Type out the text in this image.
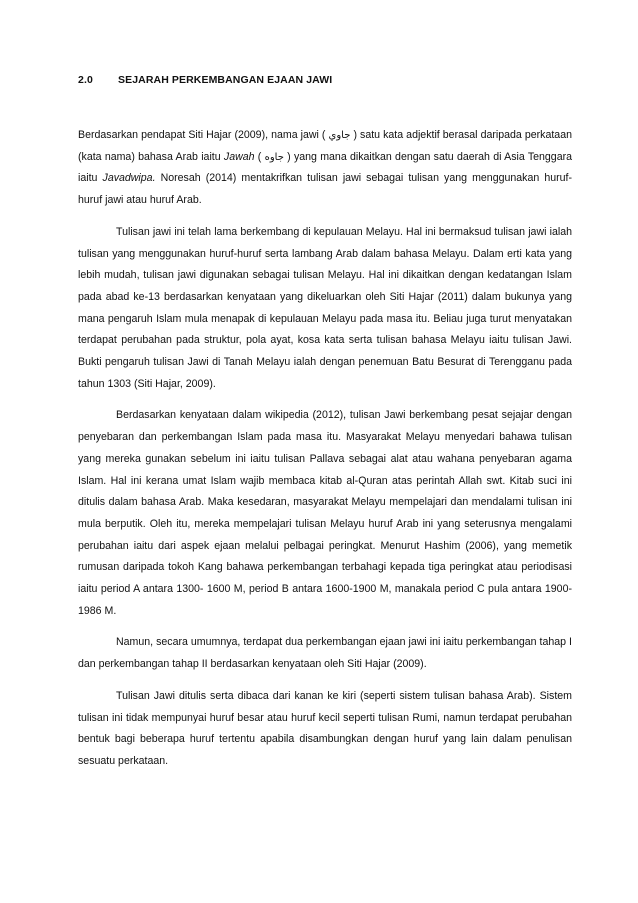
2.0 SEJARAH PERKEMBANGAN EJAAN JAWI

Berdasarkan pendapat Siti Hajar (2009), nama jawi ( جاوي ) satu kata adjektif berasal daripada perkataan (kata nama) bahasa Arab iaitu Jawah ( جاوه ) yang mana dikaitkan dengan satu daerah di Asia Tenggara iaitu Javadwipa. Noresah (2014) mentakrifkan tulisan jawi sebagai tulisan yang menggunakan huruf-huruf jawi atau huruf Arab.

Tulisan jawi ini telah lama berkembang di kepulauan Melayu. Hal ini bermaksud tulisan jawi ialah tulisan yang menggunakan huruf-huruf serta lambang Arab dalam bahasa Melayu. Dalam erti kata yang lebih mudah, tulisan jawi digunakan sebagai tulisan Melayu. Hal ini dikaitkan dengan kedatangan Islam pada abad ke-13 berdasarkan kenyataan yang dikeluarkan oleh Siti Hajar (2011) dalam bukunya yang mana pengaruh Islam mula menapak di kepulauan Melayu pada masa itu. Beliau juga turut menyatakan terdapat perubahan pada struktur, pola ayat, kosa kata serta tulisan bahasa Melayu iaitu tulisan Jawi. Bukti pengaruh tulisan Jawi di Tanah Melayu ialah dengan penemuan Batu Besurat di Terengganu pada tahun 1303 (Siti Hajar, 2009).

Berdasarkan kenyataan dalam wikipedia (2012), tulisan Jawi berkembang pesat sejajar dengan penyebaran dan perkembangan Islam pada masa itu. Masyarakat Melayu menyedari bahawa tulisan yang mereka gunakan sebelum ini iaitu tulisan Pallava sebagai alat atau wahana penyebaran agama Islam. Hal ini kerana umat Islam wajib membaca kitab al-Quran atas perintah Allah swt. Kitab suci ini ditulis dalam bahasa Arab. Maka kesedaran, masyarakat Melayu mempelajari dan mendalami tulisan ini mula berputik. Oleh itu, mereka mempelajari tulisan Melayu huruf Arab ini yang seterusnya mengalami perubahan iaitu dari aspek ejaan melalui pelbagai peringkat. Menurut Hashim (2006), yang memetik rumusan daripada tokoh Kang bahawa perkembangan terbahagi kepada tiga peringkat atau periodisasi iaitu period A antara 1300- 1600 M, period B antara 1600-1900 M, manakala period C pula antara 1900-1986 M.

Namun, secara umumnya, terdapat dua perkembangan ejaan jawi ini iaitu perkembangan tahap I dan perkembangan tahap II berdasarkan kenyataan oleh Siti Hajar (2009).

Tulisan Jawi ditulis serta dibaca dari kanan ke kiri (seperti sistem tulisan bahasa Arab). Sistem tulisan ini tidak mempunyai huruf besar atau huruf kecil seperti tulisan Rumi, namun terdapat perubahan bentuk bagi beberapa huruf tertentu apabila disambungkan dengan huruf yang lain dalam penulisan sesuatu perkataan.
